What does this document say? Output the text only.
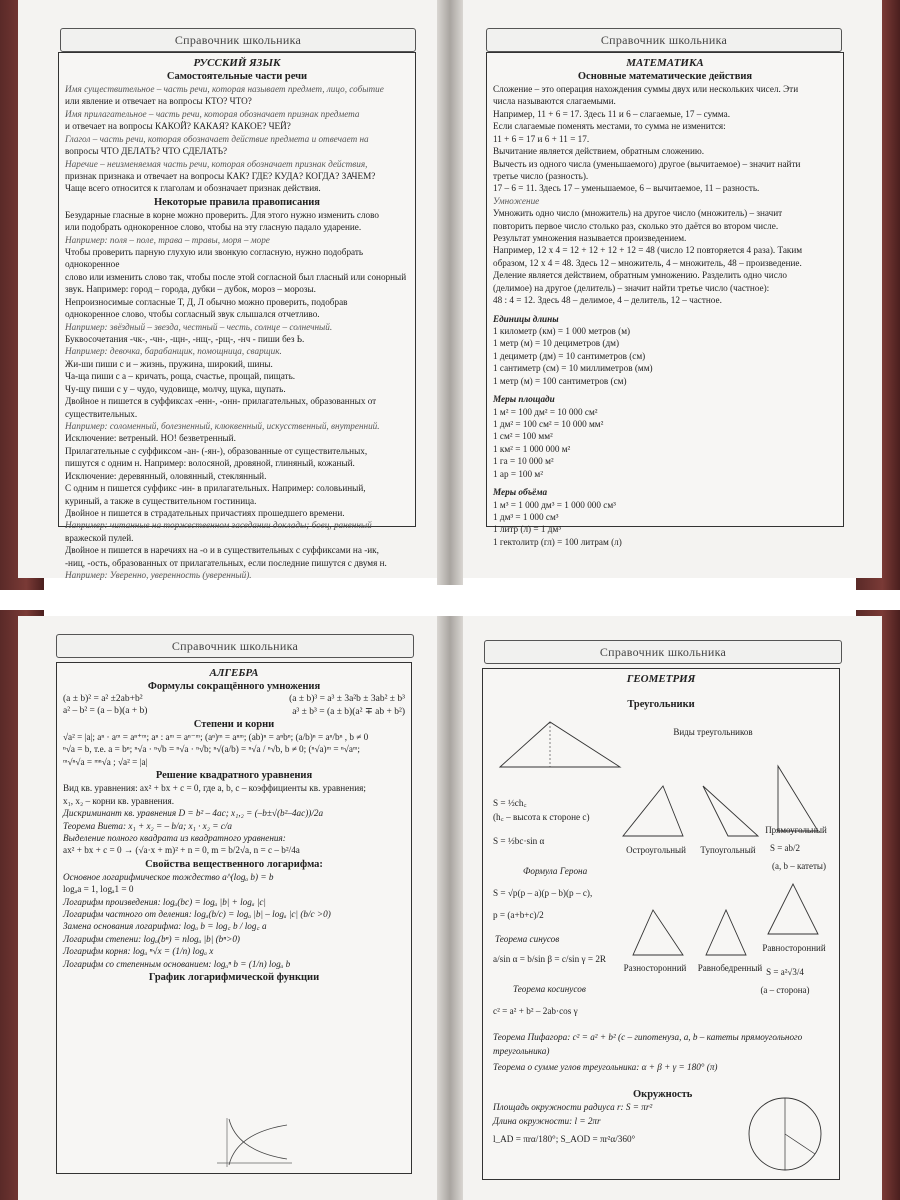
Справочник школьника	Справочник школьника
РУССКИЙ ЯЗЫК
Самостоятельные части речи

Имя существительное – часть речи, которая называет предмет, лицо, событие

или явление и отвечает на вопросы КТО? ЧТО?

Имя прилагательное – часть речи, которая обозначает признак предмета

и отвечает на вопросы КАКОЙ? КАКАЯ? КАКОЕ? ЧЕЙ?

Глагол – часть речи, которая обозначает действие предмета и отвечает на

вопросы ЧТО ДЕЛАТЬ? ЧТО СДЕЛАТЬ?

Наречие – неизменяемая часть речи, которая обозначает признак действия,

признак признака и отвечает на вопросы КАК? ГДЕ? КУДА? КОГДА? ЗАЧЕМ?

Чаще всего относится к глаголам и обозначает признак действия.

Некоторые правила правописания

Безударные гласные в корне можно проверить. Для этого нужно изменить слово

или подобрать однокоренное слово, чтобы на эту гласную падало ударение.

Например: поля – поле, трава – травы, моря – море

Чтобы проверить парную глухую или звонкую согласную, нужно подобрать однокоренное

слово или изменить слово так, чтобы после этой согласной был гласный или сонорный

звук. Например: город – города, дубки – дубок, мороз – морозы.

Непроизносимые согласные Т, Д, Л обычно можно проверить, подобрав

однокоренное слово, чтобы согласный звук слышался отчетливо.

Например: звёздный – звезда, честный – честь, солнце – солнечный.

Буквосочетания -чк-, -чн-, -щн-, -нщ-, -рщ-, -нч - пиши без Ь.

Например: девочка, барабанщик, помощница, сварщик.

Жи-ши пиши с и – жизнь, пружина, широкий, шины.

Ча-ща пиши с а – кричать, роща, счастье, прощай, пищать.

Чу-щу пиши с у – чудо, чудовище, молчу, щука, щупать.

Двойное н пишется в суффиксах -енн-, -онн- прилагательных, образованных от

существительных.

Например: соломенный, болезненный, клюквенный, искусственный, внутренний.

Исключение: ветреный. НО! безветренный.

Прилагательные с суффиксом -ан- (-ян-), образованные от существительных,

пишутся с одним н. Например: волосяной, дровяной, глиняный, кожаный.

Исключение: деревянный, оловянный, стеклянный.

С одним н пишется суффикс -ин- в прилагательных. Например: соловьиный,

куриный, а также в существительном гостиница.

Двойное н пишется в страдательных причастиях прошедшего времени.

Например: читанные на торжественном заседании доклады; боец, раненный

вражеской пулей.

Двойное н пишется в наречиях на -о и в существительных с суффиксами на -ик,

-ниц, -ость, образованных от прилагательных, если последние пишутся с двумя н.

Например: Уверенно, уверенность (уверенный).

МАТЕМАТИКА
Основные математические действия

Сложение – это операция нахождения суммы двух или нескольких чисел. Эти

числа называются слагаемыми.

Например, 11 + 6 = 17. Здесь 11 и 6 – слагаемые, 17 – сумма.

Если слагаемые поменять местами, то сумма не изменится:

11 + 6 = 17 и 6 + 11 = 17.

Вычитание является действием, обратным сложению.

Вычесть из одного числа (уменьшаемого) другое (вычитаемое) – значит найти

третье число (разность).

17 – 6 = 11. Здесь 17 – уменьшаемое, 6 – вычитаемое, 11 – разность.

Умножение

Умножить одно число (множитель) на другое число (множитель) – значит

повторить первое число столько раз, сколько это даётся во втором числе.

Результат умножения называется произведением.

Например, 12 х 4 = 12 + 12 + 12 + 12 = 48 (число 12 повторяется 4 раза). Таким

образом, 12 х 4 = 48. Здесь 12 – множитель, 4 – множитель, 48 – произведение.

Деление является действием, обратным умножению. Разделить одно число

(делимое) на другое (делитель) – значит найти третье число (частное):

48 : 4 = 12. Здесь 48 – делимое, 4 – делитель, 12 – частное.

Единицы длины

1 километр (км) = 1 000 метров (м)

1 метр (м) = 10 дециметров (дм)

1 дециметр (дм) = 10 сантиметров (см)

1 сантиметр (см) = 10 миллиметров (мм)

1 метр (м) = 100 сантиметров (см)

Меры площади

1 м² = 100 дм² = 10 000 см²

1 дм² = 100 см² = 10 000 мм²

1 см² = 100 мм²

1 км² = 1 000 000 м²

1 га = 10 000 м²

1 ар = 100 м²

Меры объёма

1 м³ = 1 000 дм³ = 1 000 000 см³

1 дм³ = 1 000 см³

1 литр (л) = 1 дм³

1 гектолитр (гл) = 100 литрам (л)

Справочник школьника	Справочник школьника
АЛГЕБРА
Формулы сокращённого умножения
(a ± b)² = a² ±2ab+b²	(a ± b)³ = a³ ± 3a²b ± 3ab² ± b³
a² – b² = (a – b)(a + b)	a³ ± b³ = (a ± b)(a² ∓ ab + b²)
Степени и корни

√a² = |a|; aⁿ · aᵐ = aⁿ⁺ᵐ; aⁿ : aᵐ = aⁿ⁻ᵐ; (aⁿ)ᵐ = aⁿᵐ; (ab)ⁿ = aⁿbⁿ; (a/b)ⁿ = aⁿ/bⁿ , b ≠ 0

ⁿ√a = b, т.е. a = bⁿ; ⁿ√a · ⁿ√b = ⁿ√a · ⁿ√b; ⁿ√(a/b) = ⁿ√a / ⁿ√b, b ≠ 0; (ⁿ√a)ᵐ = ⁿ√aᵐ;

ᵐ√ⁿ√a = ᵐⁿ√a ; √a² = |a|

Решение квадратного уравнения

Вид кв. уравнения: ax² + bx + c = 0, где a, b, c – коэффициенты кв. уравнения;

x₁, x₂ – корни кв. уравнения.

Дискриминант кв. уравнения D = b² – 4ac; x₁,₂ = (–b±√(b²–4ac))/2a

Теорема Виета: x₁ + x₂ = – b/a; x₁ · x₂ = c/a

Выделение полного квадрата из квадратного уравнения:

ax² + bx + c = 0 → (√a·x + m)² + n = 0, m = b/2√a, n = c – b²/4a

Свойства вещественного логарифма:

Основное логарифмическое тождество a^(logₐ b) = b

logₐa = 1, logₐ1 = 0

Логарифм произведения: logₐ(bc) = logₐ |b| + logₐ |c|

Логарифм частного от деления: logₐ(b/c) = logₐ |b| – logₐ |c| (b/c >0)

Замена основания логарифма: logₐ b = log꜀ b / log꜀ a

Логарифм степени: logₐ(bⁿ) = nlogₐ |b| (bⁿ>0)

Логарифм корня: logₐ ⁿ√x = (1/n) logₐ x

Логарифм со степенным основанием: logₐⁿ b = (1/n) logₐ b

График логарифмической функции
ГЕОМЕТРИЯ
Треугольники
Виды треугольников

S = ½ch꜀

(h꜀ – высота к стороне c)

S = ½bc·sin α

Остроугольный	Тупоугольный
Прямоугольный
S = ab/2
(a, b – катеты)

Формула Герона

S = √p(p – a)(p – b)(p – c),

p = (a+b+c)/2

Теорема синусов

a/sin α = b/sin β = c/sin γ = 2R

Теорема косинусов

c² = a² + b² – 2ab·cos γ

Разносторонний	Равнобедренный
Равносторонний
S = a²√3/4
(а – сторона)

Теорема Пифагора: c² = a² + b² (c – гипотенуза, a, b – катеты прямоугольного

треугольника)

Теорема о сумме углов треугольника: α + β + γ = 180° (π)

Окружность

Площадь окружности радиуса r: S = πr²

Длина окружности: l = 2πr

l_AD = πrα/180°; S_AOD = πr²α/360°
